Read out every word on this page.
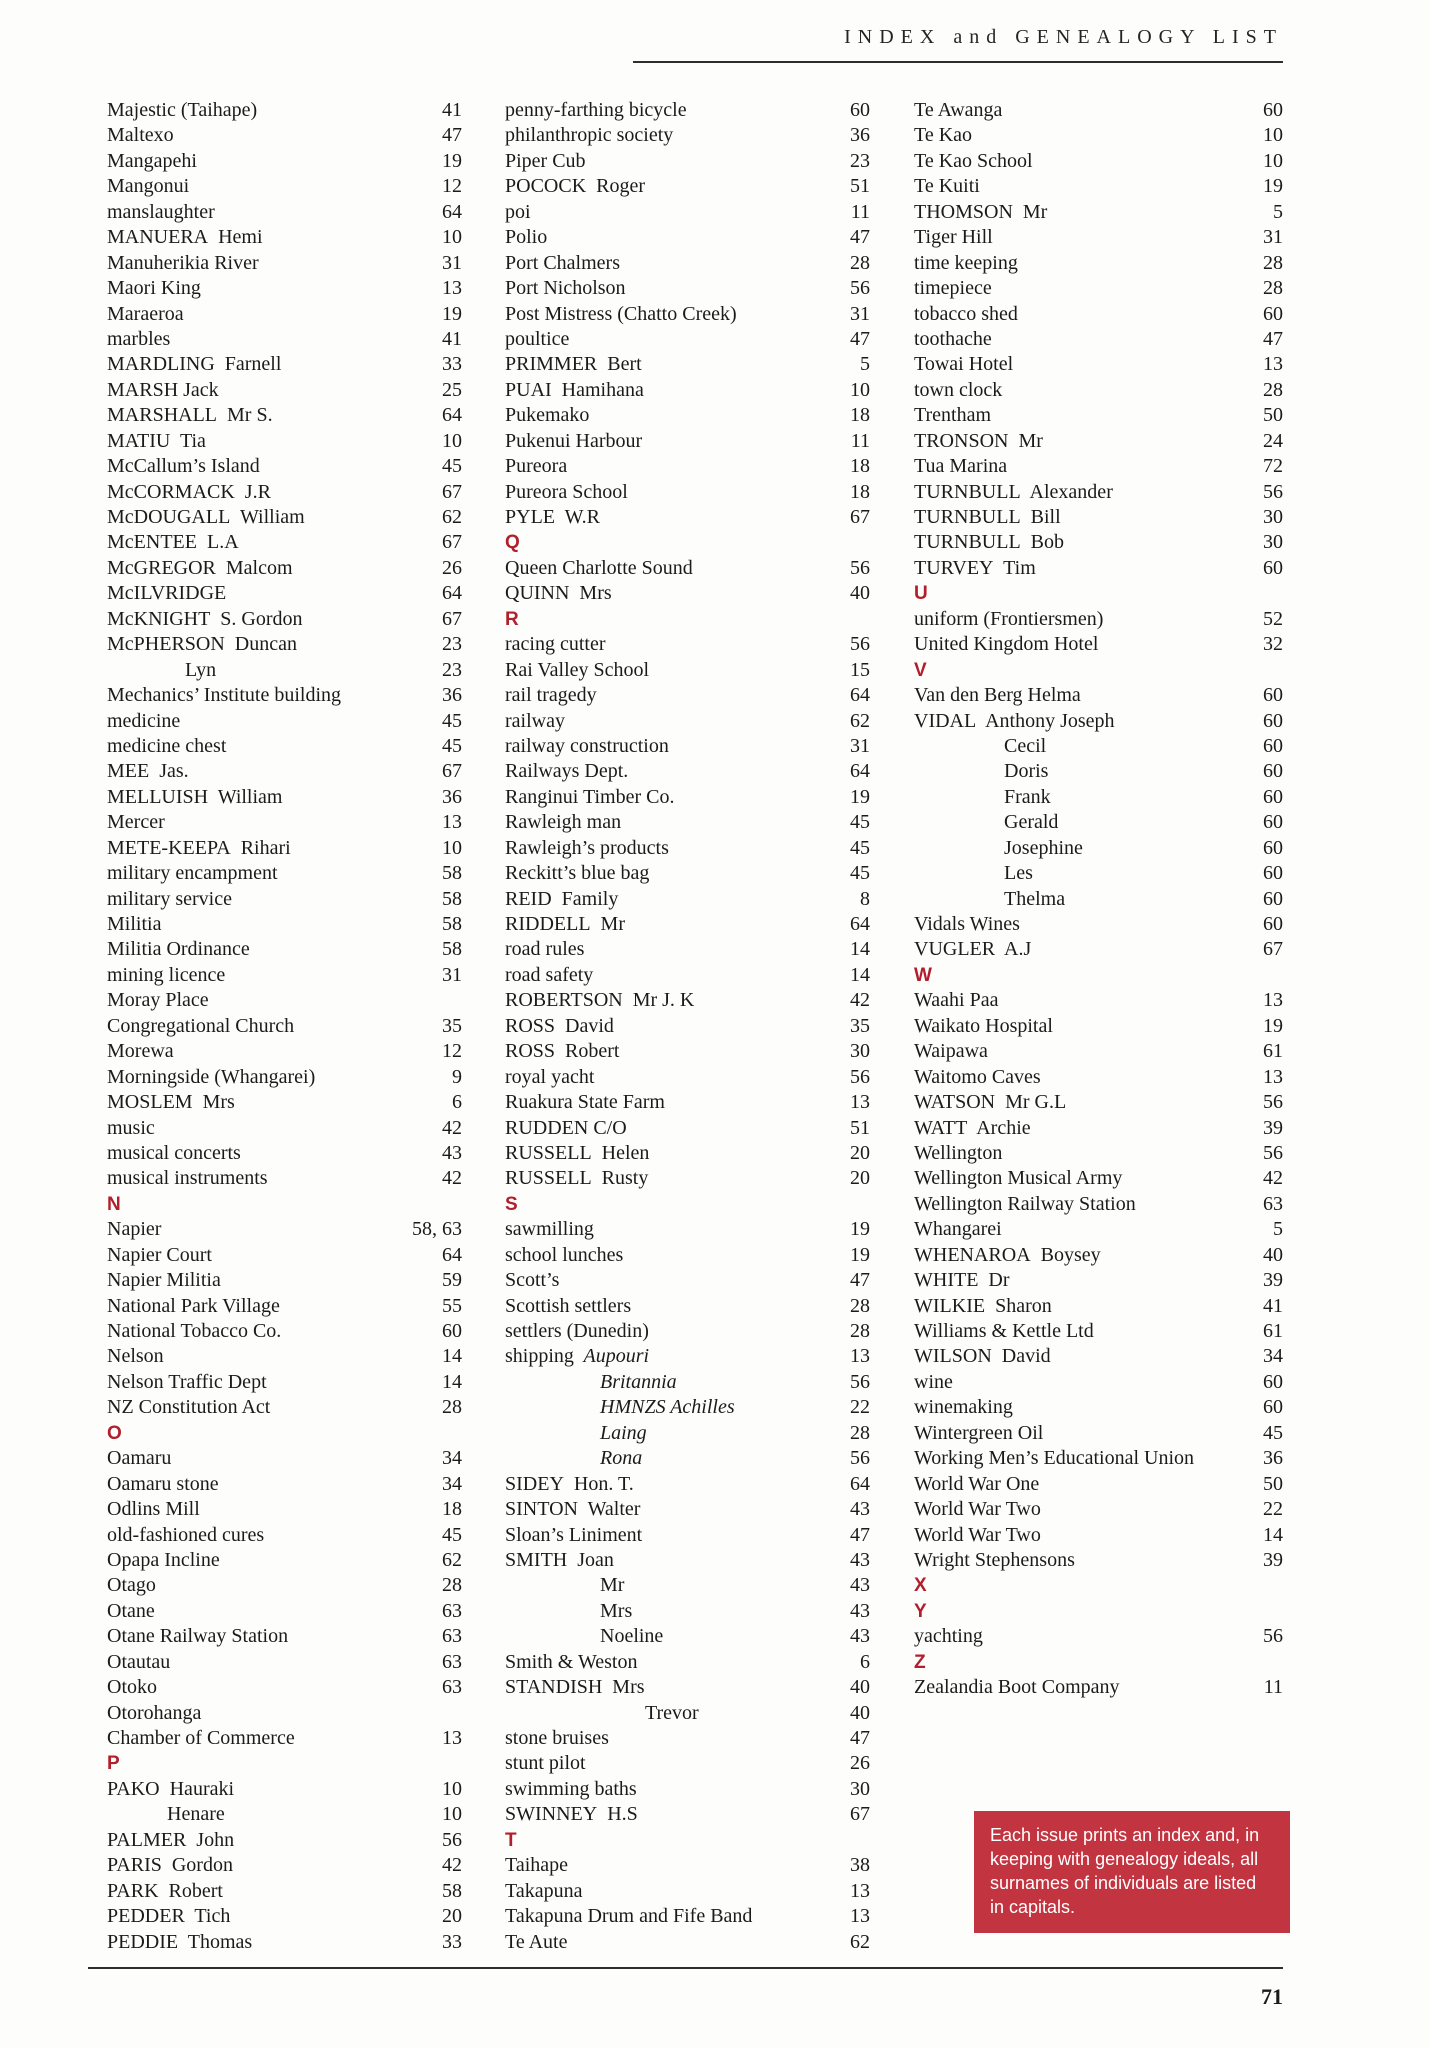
INDEX and GENEALOGY LIST
Majestic (Taihape)	41
Maltexo	47
Mangapehi	19
Mangonui	12
manslaughter	64
MANUERA  Hemi	10
Manuherikia River	31
Maori King	13
Maraeroa	19
marbles	41
MARDLING  Farnell	33
MARSH Jack	25
MARSHALL  Mr S.	64
MATIU  Tia	10
McCallum’s Island	45
McCORMACK  J.R	67
McDOUGALL  William	62
McENTEE  L.A	67
McGREGOR  Malcom	26
McILVRIDGE	64
McKNIGHT  S. Gordon	67
McPHERSON  Duncan	23
Lyn	23
Mechanics’ Institute building	36
medicine	45
medicine chest	45
MEE  Jas.	67
MELLUISH  William	36
Mercer	13
METE-KEEPA  Rihari	10
military encampment	58
military service	58
Militia	58
Militia Ordinance	58
mining licence	31
Moray Place
Congregational Church	35
Morewa	12
Morningside (Whangarei)	9
MOSLEM  Mrs	6
music	42
musical concerts	43
musical instruments	42
N
Napier	58, 63
Napier Court	64
Napier Militia	59
National Park Village	55
National Tobacco Co.	60
Nelson	14
Nelson Traffic Dept	14
NZ Constitution Act	28
O
Oamaru	34
Oamaru stone	34
Odlins Mill	18
old-fashioned cures	45
Opapa Incline	62
Otago	28
Otane	63
Otane Railway Station	63
Otautau	63
Otoko	63
Otorohanga
Chamber of Commerce	13
P
PAKO  Hauraki	10
Henare	10
PALMER  John	56
PARIS  Gordon	42
PARK  Robert	58
PEDDER  Tich	20
PEDDIE  Thomas	33
penny-farthing bicycle	60
philanthropic society	36
Piper Cub	23
POCOCK  Roger	51
poi	11
Polio	47
Port Chalmers	28
Port Nicholson	56
Post Mistress (Chatto Creek)	31
poultice	47
PRIMMER  Bert	5
PUAI  Hamihana	10
Pukemako	18
Pukenui Harbour	11
Pureora	18
Pureora School	18
PYLE  W.R	67
Q
Queen Charlotte Sound	56
QUINN  Mrs	40
R
racing cutter	56
Rai Valley School	15
rail tragedy	64
railway	62
railway construction	31
Railways Dept.	64
Ranginui Timber Co.	19
Rawleigh man	45
Rawleigh’s products	45
Reckitt’s blue bag	45
REID  Family	8
RIDDELL  Mr	64
road rules	14
road safety	14
ROBERTSON  Mr J. K	42
ROSS  David	35
ROSS  Robert	30
royal yacht	56
Ruakura State Farm	13
RUDDEN C/O	51
RUSSELL  Helen	20
RUSSELL  Rusty	20
S
sawmilling	19
school lunches	19
Scott’s	47
Scottish settlers	28
settlers (Dunedin)	28
shipping  Aupouri	13
Britannia	56
HMNZS Achilles	22
Laing	28
Rona	56
SIDEY  Hon. T.	64
SINTON  Walter	43
Sloan’s Liniment	47
SMITH  Joan	43
Mr	43
Mrs	43
Noeline	43
Smith & Weston	6
STANDISH  Mrs	40
Trevor	40
stone bruises	47
stunt pilot	26
swimming baths	30
SWINNEY  H.S	67
T
Taihape	38
Takapuna	13
Takapuna Drum and Fife Band	13
Te Aute	62
Te Awanga	60
Te Kao	10
Te Kao School	10
Te Kuiti	19
THOMSON  Mr	5
Tiger Hill	31
time keeping	28
timepiece	28
tobacco shed	60
toothache	47
Towai Hotel	13
town clock	28
Trentham	50
TRONSON  Mr	24
Tua Marina	72
TURNBULL  Alexander	56
TURNBULL  Bill	30
TURNBULL  Bob	30
TURVEY  Tim	60
U
uniform (Frontiersmen)	52
United Kingdom Hotel	32
V
Van den Berg Helma	60
VIDAL  Anthony Joseph	60
Cecil	60
Doris	60
Frank	60
Gerald	60
Josephine	60
Les	60
Thelma	60
Vidals Wines	60
VUGLER  A.J	67
W
Waahi Paa	13
Waikato Hospital	19
Waipawa	61
Waitomo Caves	13
WATSON  Mr G.L	56
WATT  Archie	39
Wellington	56
Wellington Musical Army	42
Wellington Railway Station	63
Whangarei	5
WHENAROA  Boysey	40
WHITE  Dr	39
WILKIE  Sharon	41
Williams & Kettle Ltd	61
WILSON  David	34
wine	60
winemaking	60
Wintergreen Oil	45
Working Men’s Educational Union	36
World War One	50
World War Two	22
World War Two	14
Wright Stephensons	39
X
Y
yachting	56
Z
Zealandia Boot Company	11
Each issue prints an index and, in keeping with genealogy ideals, all surnames of individuals are listed in capitals.
71
